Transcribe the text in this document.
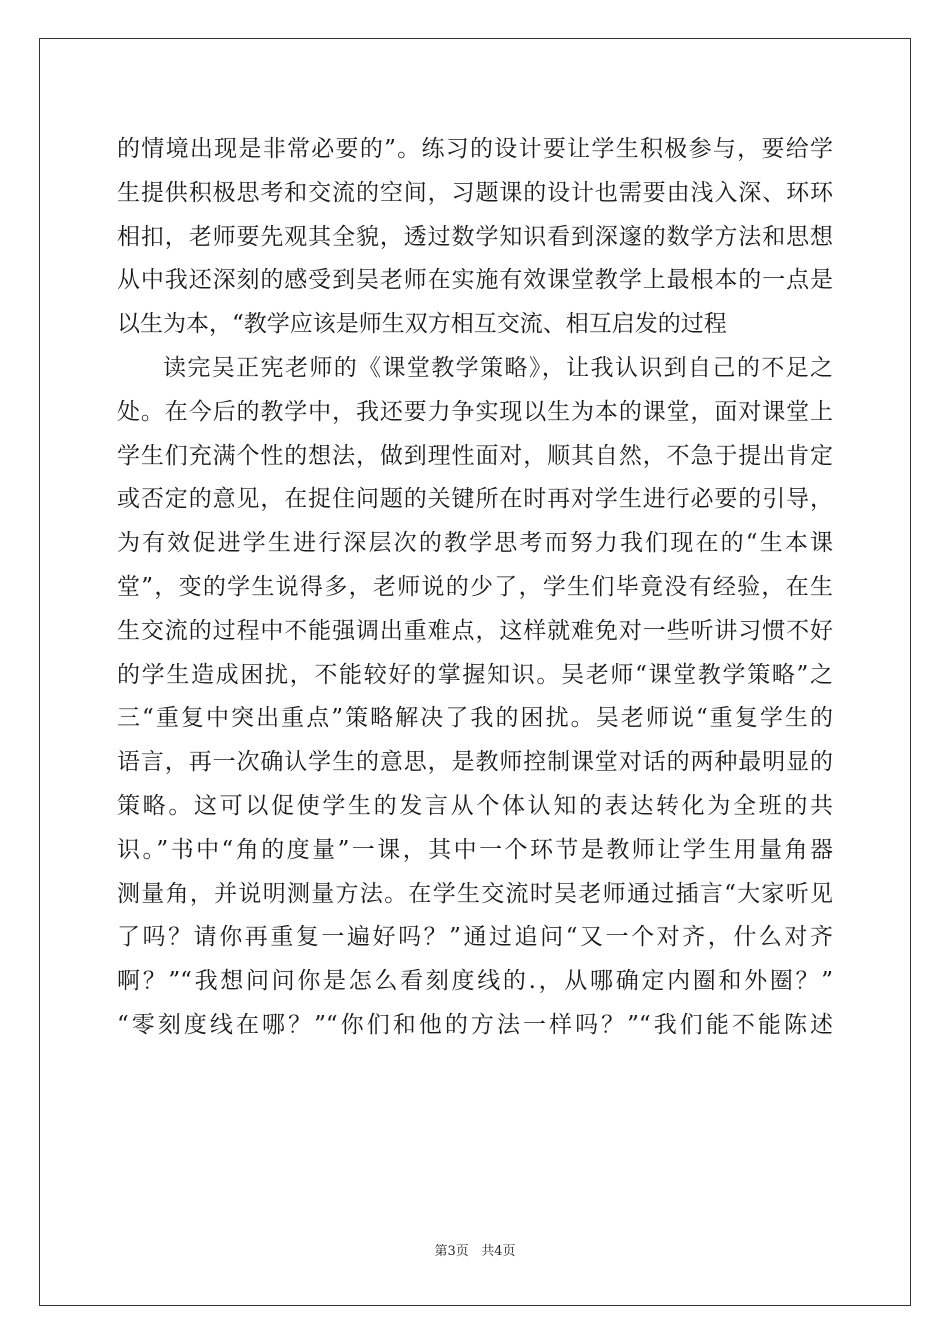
的情境出现是非常必要的”。练习的设计要让学生积极参与，要给学
生提供积极思考和交流的空间，习题课的设计也需要由浅入深、环环
相扣，老师要先观其全貌，透过数学知识看到深邃的数学方法和思想
从中我还深刻的感受到吴老师在实施有效课堂教学上最根本的一点是
以生为本，“教学应该是师生双方相互交流、相互启发的过程
读完吴正宪老师的《课堂教学策略》，让我认识到自己的不足之
处。在今后的教学中，我还要力争实现以生为本的课堂，面对课堂上
学生们充满个性的想法，做到理性面对，顺其自然，不急于提出肯定
或否定的意见，在捉住问题的关键所在时再对学生进行必要的引导，
为有效促进学生进行深层次的教学思考而努力我们现在的“生本课
堂”，变的学生说得多，老师说的少了，学生们毕竟没有经验，在生
生交流的过程中不能强调出重难点，这样就难免对一些听讲习惯不好
的学生造成困扰，不能较好的掌握知识。吴老师“课堂教学策略”之
三“重复中突出重点”策略解决了我的困扰。吴老师说“重复学生的
语言，再一次确认学生的意思，是教师控制课堂对话的两种最明显的
策略。这可以促使学生的发言从个体认知的表达转化为全班的共
识。”书中“角的度量”一课，其中一个环节是教师让学生用量角器
测量角，并说明测量方法。在学生交流时吴老师通过插言“大家听见
了吗？请你再重复一遍好吗？”通过追问“又一个对齐，什么对齐
啊？”“我想问问你是怎么看刻度线的.，从哪确定内圈和外圈？”
“零刻度线在哪？”“你们和他的方法一样吗？”“我们能不能陈述
第3页 共4页
